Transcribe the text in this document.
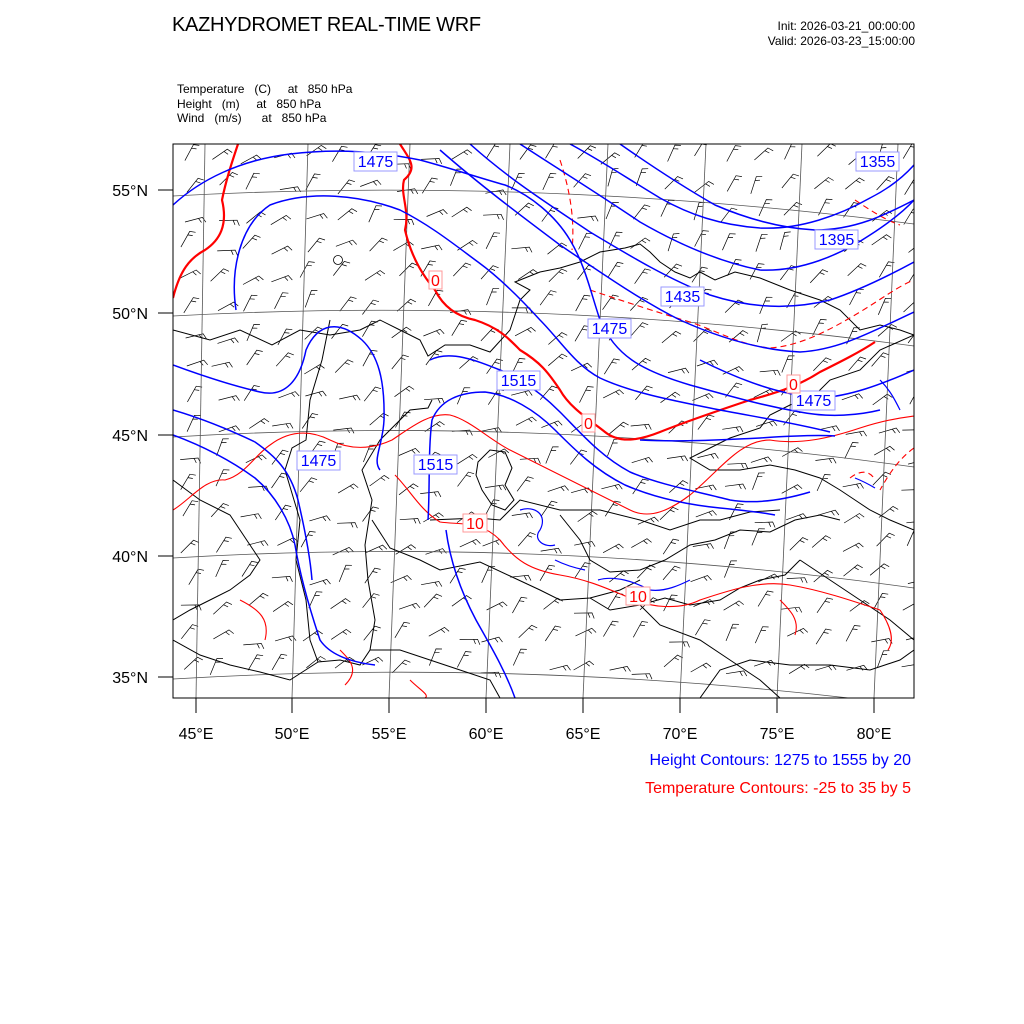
KAZHYDROMET REAL-TIME WRF	Init: 2026-03-21_00:00:00
Valid: 2026-03-23_15:00:00
Temperature   (C)     at   850 hPa
Height   (m)     at   850 hPa
Wind   (m/s)      at   850 hPa
55°N
50°N
45°N
40°N
35°N
45°E	50°E	55°E	60°E	65°E	70°E	75°E	80°E
1475	1355
1395
1435
1475
1515
1475
1475	1515
0
0
0
10
10
Height Contours: 1275 to 1555 by 20
Temperature Contours: -25 to 35 by 5
